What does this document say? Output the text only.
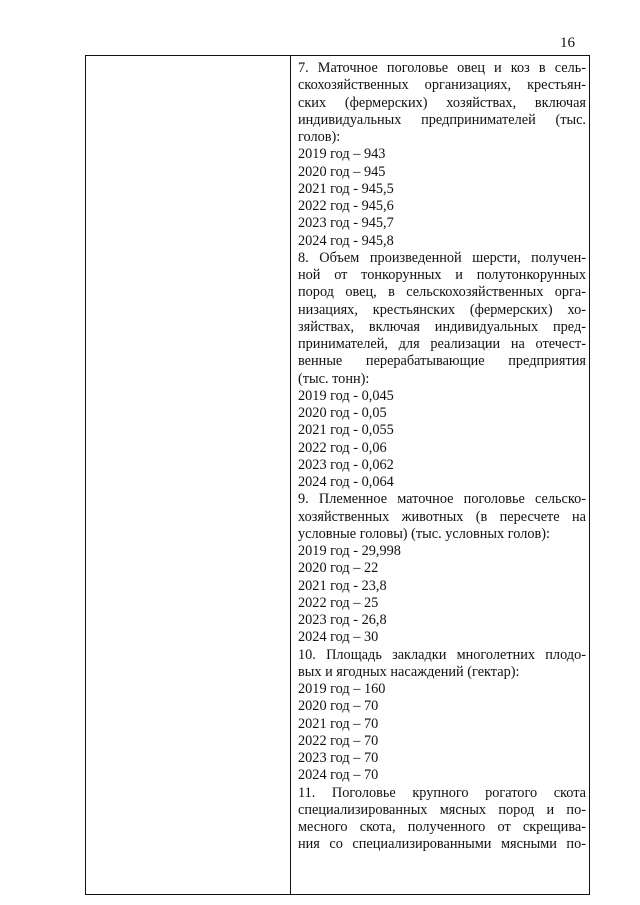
16
7. Маточное поголовье овец и коз в сель-
скохозяйственных организациях, крестьян-
ских (фермерских) хозяйствах, включая
индивидуальных предпринимателей (тыс.
голов):
2019 год – 943
2020 год – 945
2021 год - 945,5
2022 год - 945,6
2023 год - 945,7
2024 год - 945,8
8. Объем произведенной шерсти, получен-
ной от тонкорунных и полутонкорунных
пород овец, в сельскохозяйственных орга-
низациях, крестьянских (фермерских) хо-
зяйствах, включая индивидуальных пред-
принимателей, для реализации на отечест-
венные перерабатывающие предприятия
(тыс. тонн):
2019 год - 0,045
2020 год - 0,05
2021 год - 0,055
2022 год - 0,06
2023 год - 0,062
2024 год - 0,064
9. Племенное маточное поголовье сельско-
хозяйственных животных (в пересчете на
условные головы) (тыс. условных голов):
2019 год - 29,998
2020 год – 22
2021 год - 23,8
2022 год – 25
2023 год - 26,8
2024 год – 30
10. Площадь закладки многолетних плодо-
вых и ягодных насаждений (гектар):
2019 год – 160
2020 год – 70
2021 год – 70
2022 год – 70
2023 год – 70
2024 год – 70
11. Поголовье крупного рогатого скота
специализированных мясных пород и по-
месного скота, полученного от скрещива-
ния со специализированными мясными по-
